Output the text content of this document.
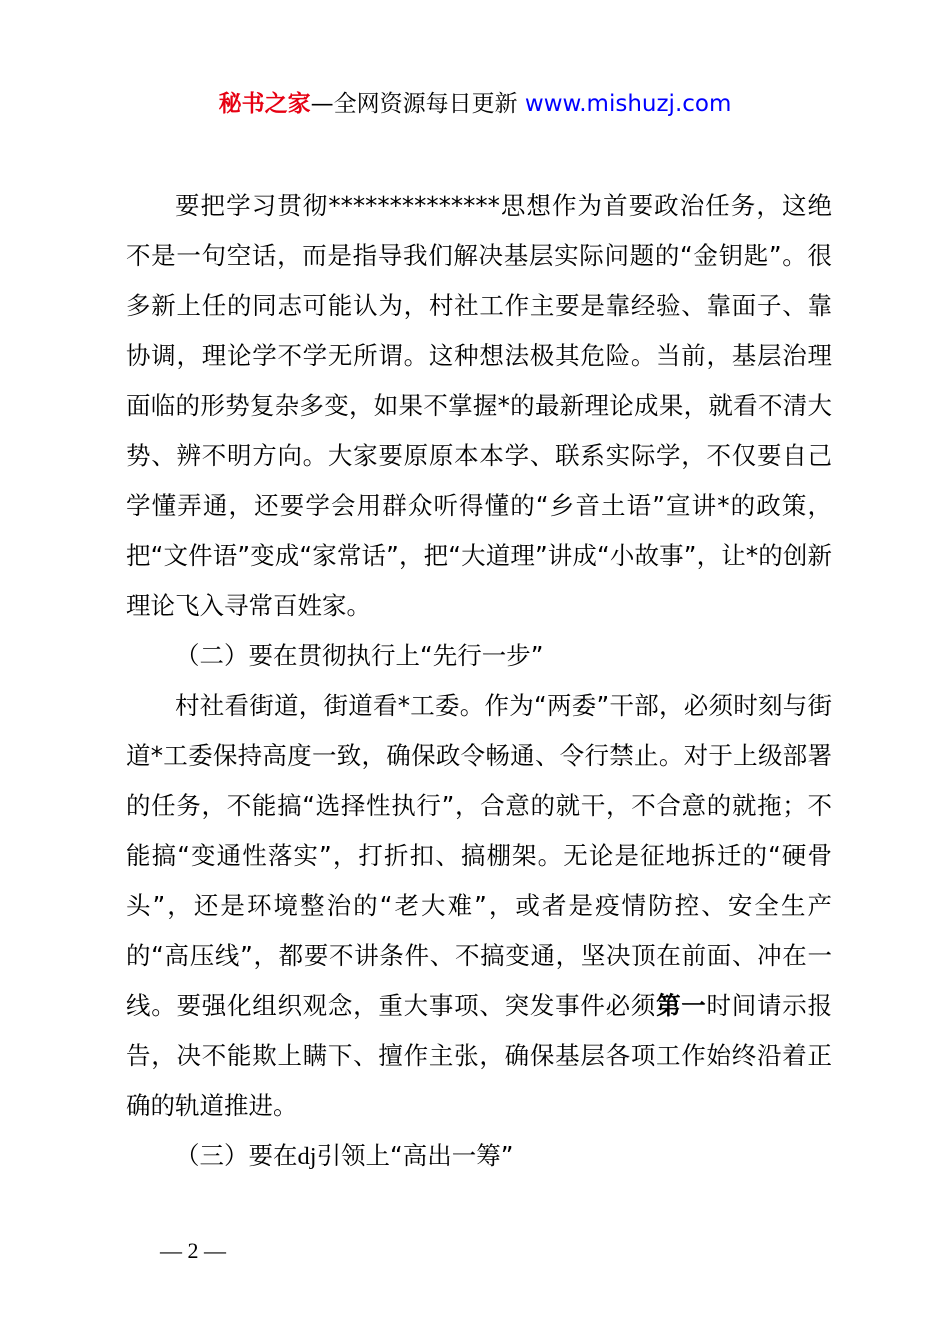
秘书之家—全网资源每日更新 www.mishuzj.com

要把学习贯彻**************思想作为首要政治任务，这绝不是一句空话，而是指导我们解决基层实际问题的“金钥匙”。很多新上任的同志可能认为，村社工作主要是靠经验、靠面子、靠协调，理论学不学无所谓。这种想法极其危险。当前，基层治理面临的形势复杂多变，如果不掌握*的最新理论成果，就看不清大势、辨不明方向。大家要原原本本学、联系实际学，不仅要自己学懂弄通，还要学会用群众听得懂的“乡音土语”宣讲*的政策，把“文件语”变成“家常话”，把“大道理”讲成“小故事”，让*的创新理论飞入寻常百姓家。

（二）要在贯彻执行上“先行一步”

村社看街道，街道看*工委。作为“两委”干部，必须时刻与街道*工委保持高度一致，确保政令畅通、令行禁止。对于上级部署的任务，不能搞“选择性执行”，合意的就干，不合意的就拖；不能搞“变通性落实”，打折扣、搞棚架。无论是征地拆迁的“硬骨头”，还是环境整治的“老大难”，或者是疫情防控、安全生产的“高压线”，都要不讲条件、不搞变通，坚决顶在前面、冲在一线。要强化组织观念，重大事项、突发事件必须第一时间请示报告，决不能欺上瞒下、擅作主张，确保基层各项工作始终沿着正确的轨道推进。

（三）要在dj引领上“高出一筹”

— 2 —
